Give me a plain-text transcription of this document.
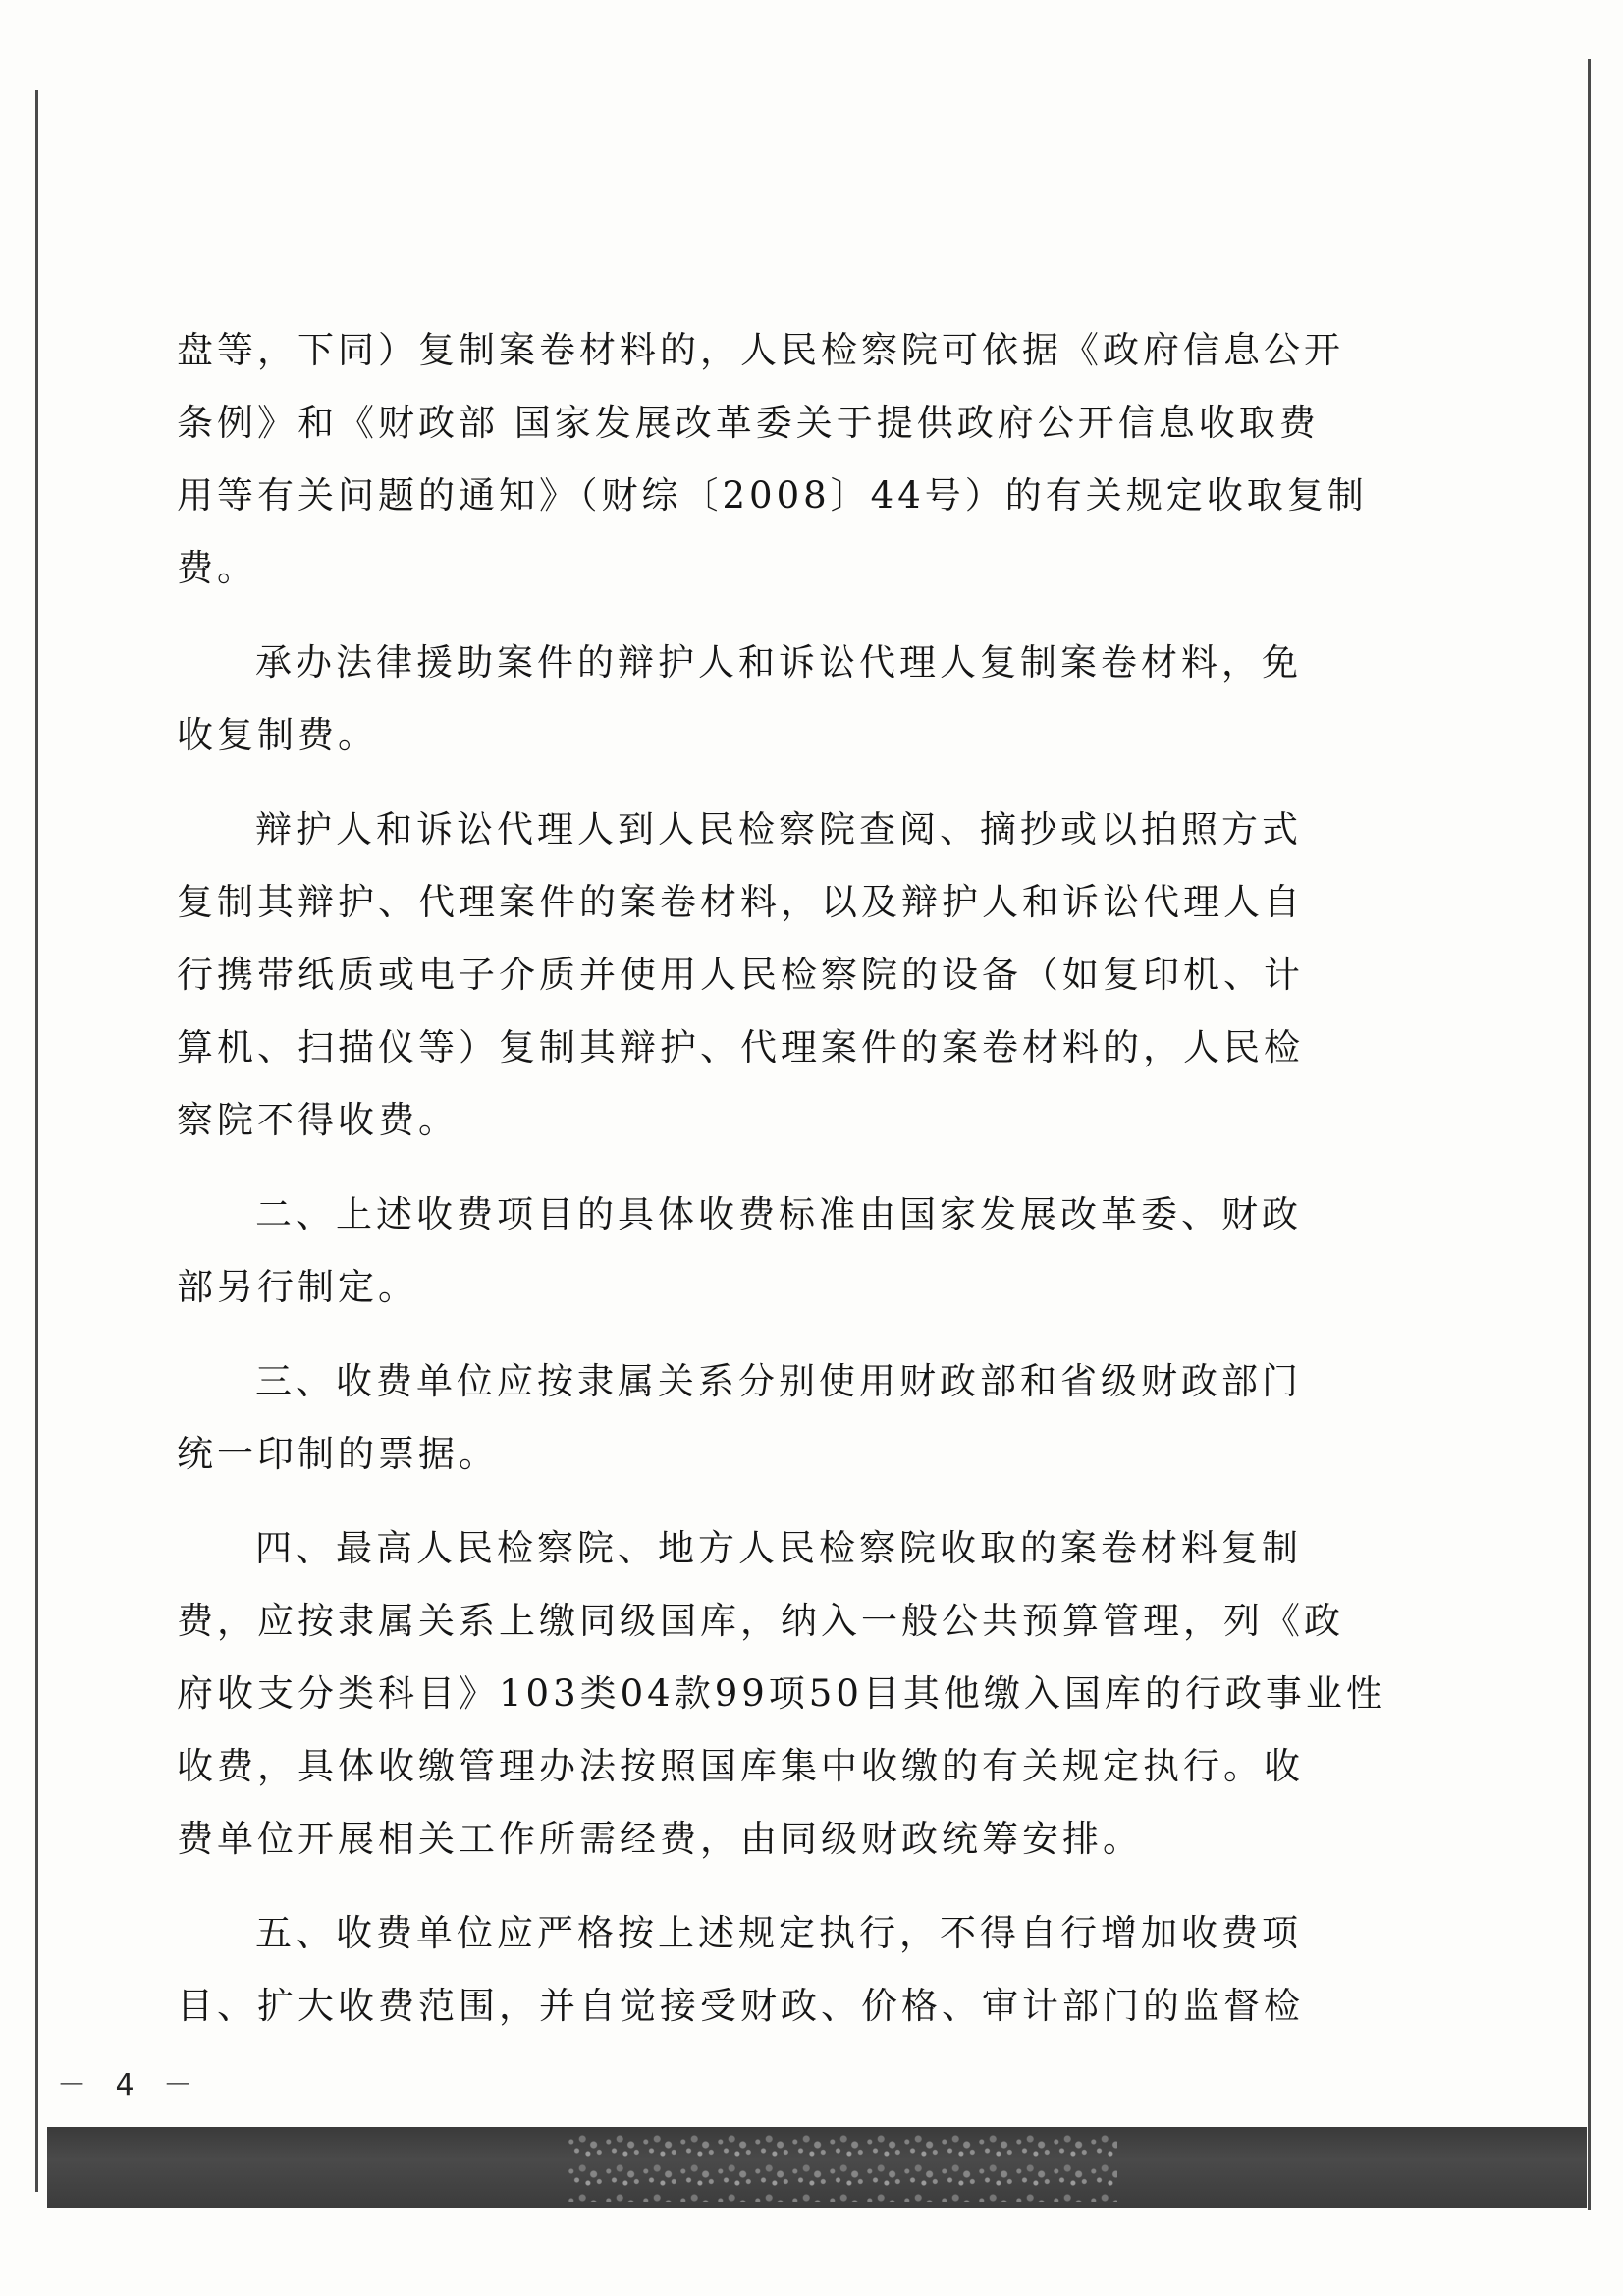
盘等，下同）复制案卷材料的，人民检察院可依据《政府信息公开
条例》和《财政部 国家发展改革委关于提供政府公开信息收取费
用等有关问题的通知》（财综〔2008〕44号）的有关规定收取复制
费。
承办法律援助案件的辩护人和诉讼代理人复制案卷材料，免
收复制费。
辩护人和诉讼代理人到人民检察院查阅、摘抄或以拍照方式
复制其辩护、代理案件的案卷材料，以及辩护人和诉讼代理人自
行携带纸质或电子介质并使用人民检察院的设备（如复印机、计
算机、扫描仪等）复制其辩护、代理案件的案卷材料的，人民检
察院不得收费。
二、上述收费项目的具体收费标准由国家发展改革委、财政
部另行制定。
三、收费单位应按隶属关系分别使用财政部和省级财政部门
统一印制的票据。
四、最高人民检察院、地方人民检察院收取的案卷材料复制
费，应按隶属关系上缴同级国库，纳入一般公共预算管理，列《政
府收支分类科目》103类04款99项50目其他缴入国库的行政事业性
收费，具体收缴管理办法按照国库集中收缴的有关规定执行。收
费单位开展相关工作所需经费，由同级财政统筹安排。
五、收费单位应严格按上述规定执行，不得自行增加收费项
目、扩大收费范围，并自觉接受财政、价格、审计部门的监督检
－ 4 －
